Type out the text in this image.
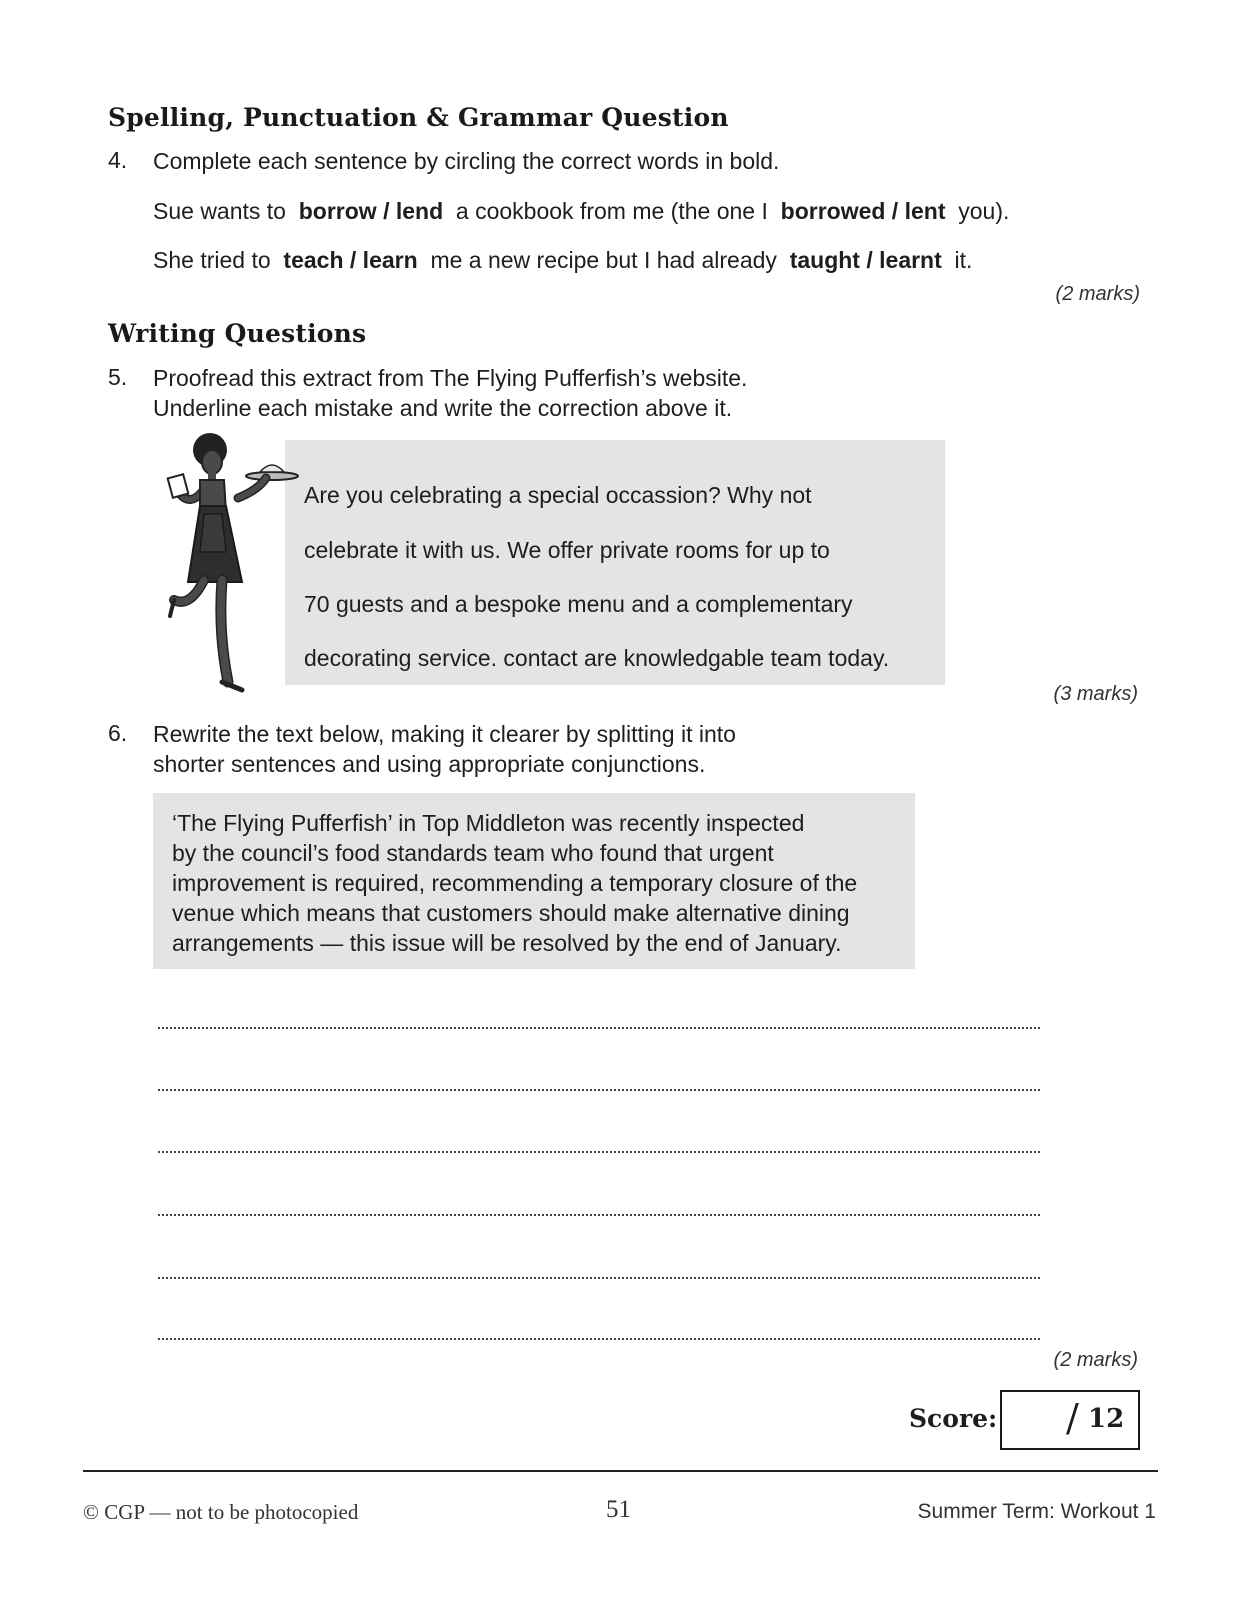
Spelling, Punctuation & Grammar Question
4. Complete each sentence by circling the correct words in bold.
Sue wants to borrow / lend a cookbook from me (the one I borrowed / lent you).
She tried to teach / learn me a new recipe but I had already taught / learnt it.
(2 marks)
Writing Questions
5. Proofread this extract from The Flying Pufferfish’s website.
Underline each mistake and write the correction above it.
Are you celebrating a special occassion? Why not
celebrate it with us. We offer private rooms for up to
70 guests and a bespoke menu and a complementary
decorating service. contact are knowledgable team today.
(3 marks)
6. Rewrite the text below, making it clearer by splitting it into
shorter sentences and using appropriate conjunctions.
‘The Flying Pufferfish’ in Top Middleton was recently inspected
by the council’s food standards team who found that urgent
improvement is required, recommending a temporary closure of the
venue which means that customers should make alternative dining
arrangements — this issue will be resolved by the end of January.
(2 marks)
Score: / 12
© CGP — not to be photocopied	51	Summer Term: Workout 1
